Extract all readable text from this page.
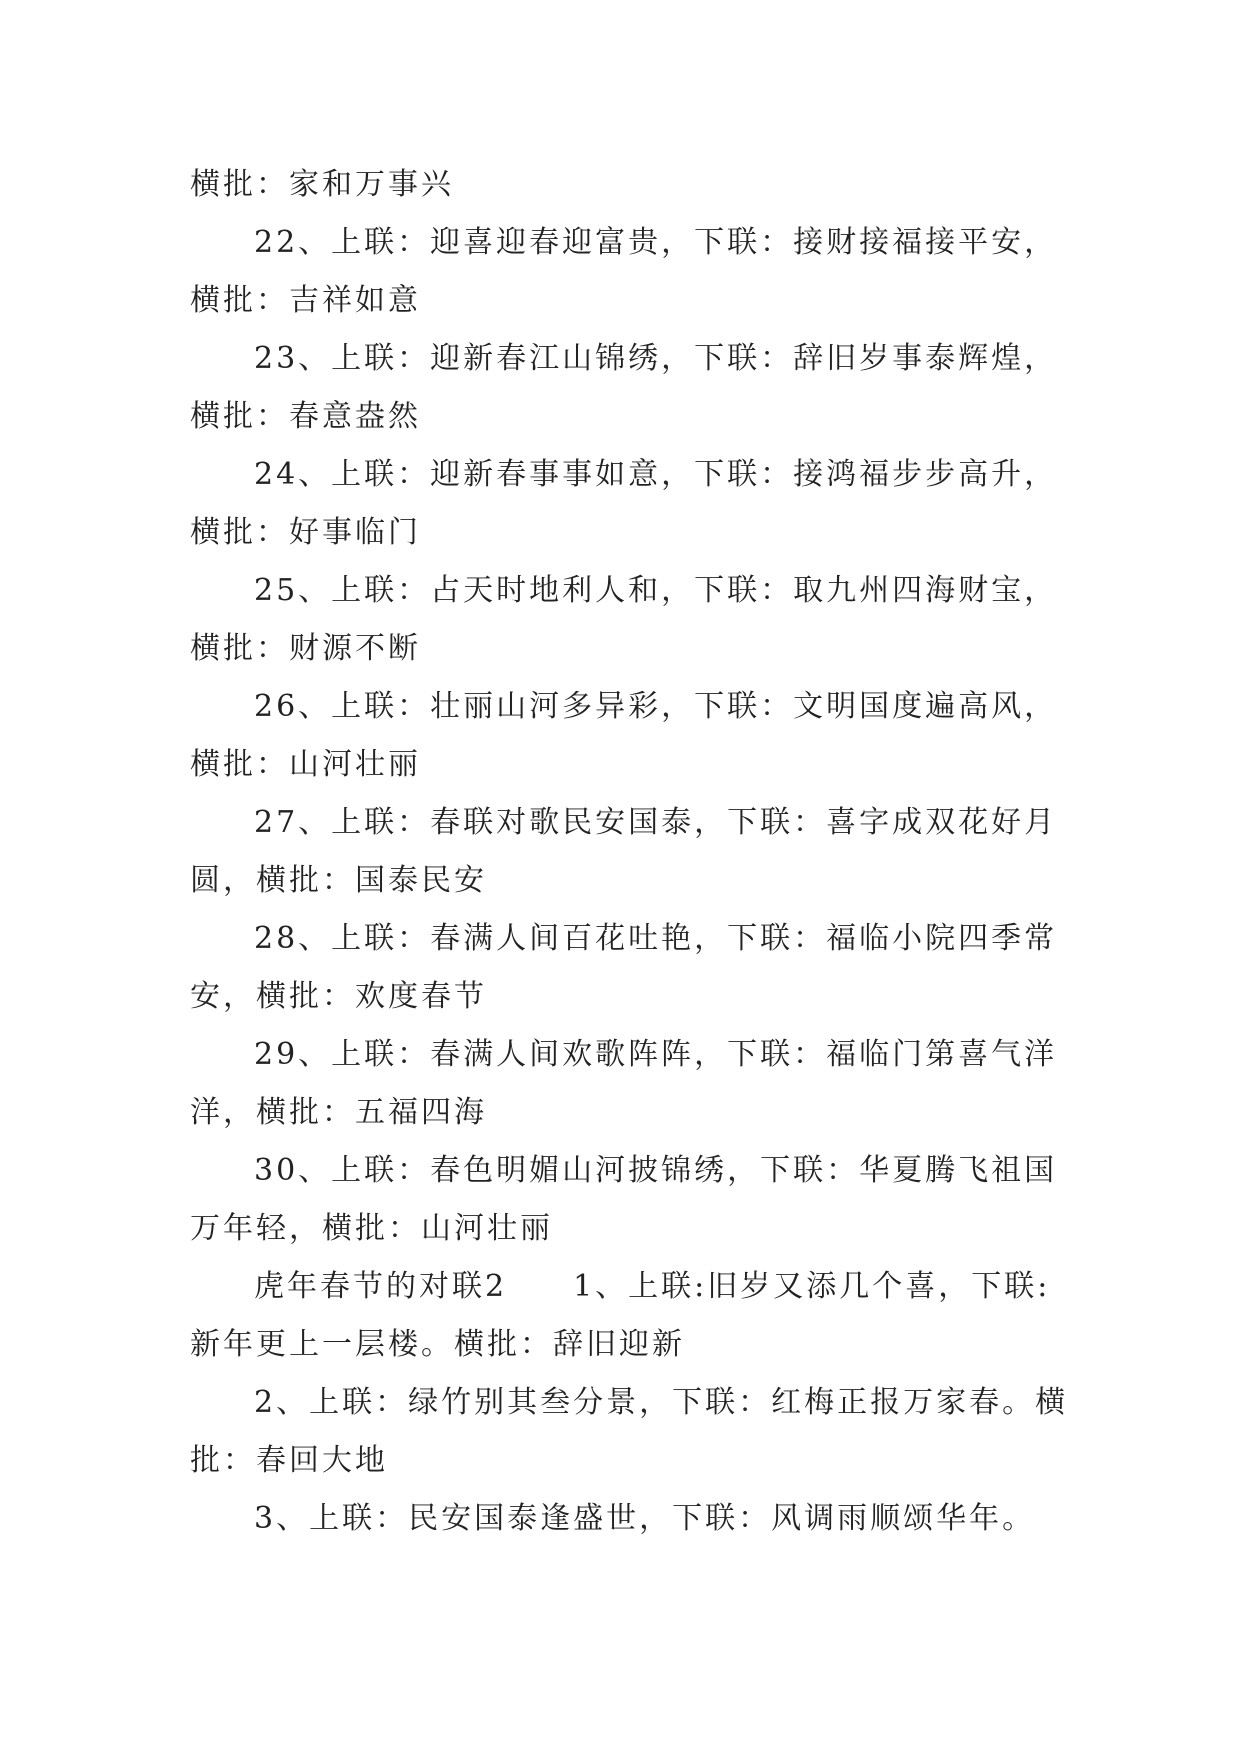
横批：家和万事兴

22、上联：迎喜迎春迎富贵，下联：接财接福接平安，横批：吉祥如意

23、上联：迎新春江山锦绣，下联：辞旧岁事泰辉煌，横批：春意盎然

24、上联：迎新春事事如意，下联：接鸿福步步高升，横批：好事临门

25、上联：占天时地利人和，下联：取九州四海财宝，横批：财源不断

26、上联：壮丽山河多异彩，下联：文明国度遍高风，横批：山河壮丽

27、上联：春联对歌民安国泰，下联：喜字成双花好月圆，横批：国泰民安

28、上联：春满人间百花吐艳，下联：福临小院四季常安，横批：欢度春节

29、上联：春满人间欢歌阵阵，下联：福临门第喜气洋洋，横批：五福四海

30、上联：春色明媚山河披锦绣，下联：华夏腾飞祖国万年轻，横批：山河壮丽

虎年春节的对联2　　1、上联:旧岁又添几个喜，下联:新年更上一层楼。横批：辞旧迎新

2、上联：绿竹别其叁分景，下联：红梅正报万家春。横批：春回大地

3、上联：民安国泰逢盛世，下联：风调雨顺颂华年。
